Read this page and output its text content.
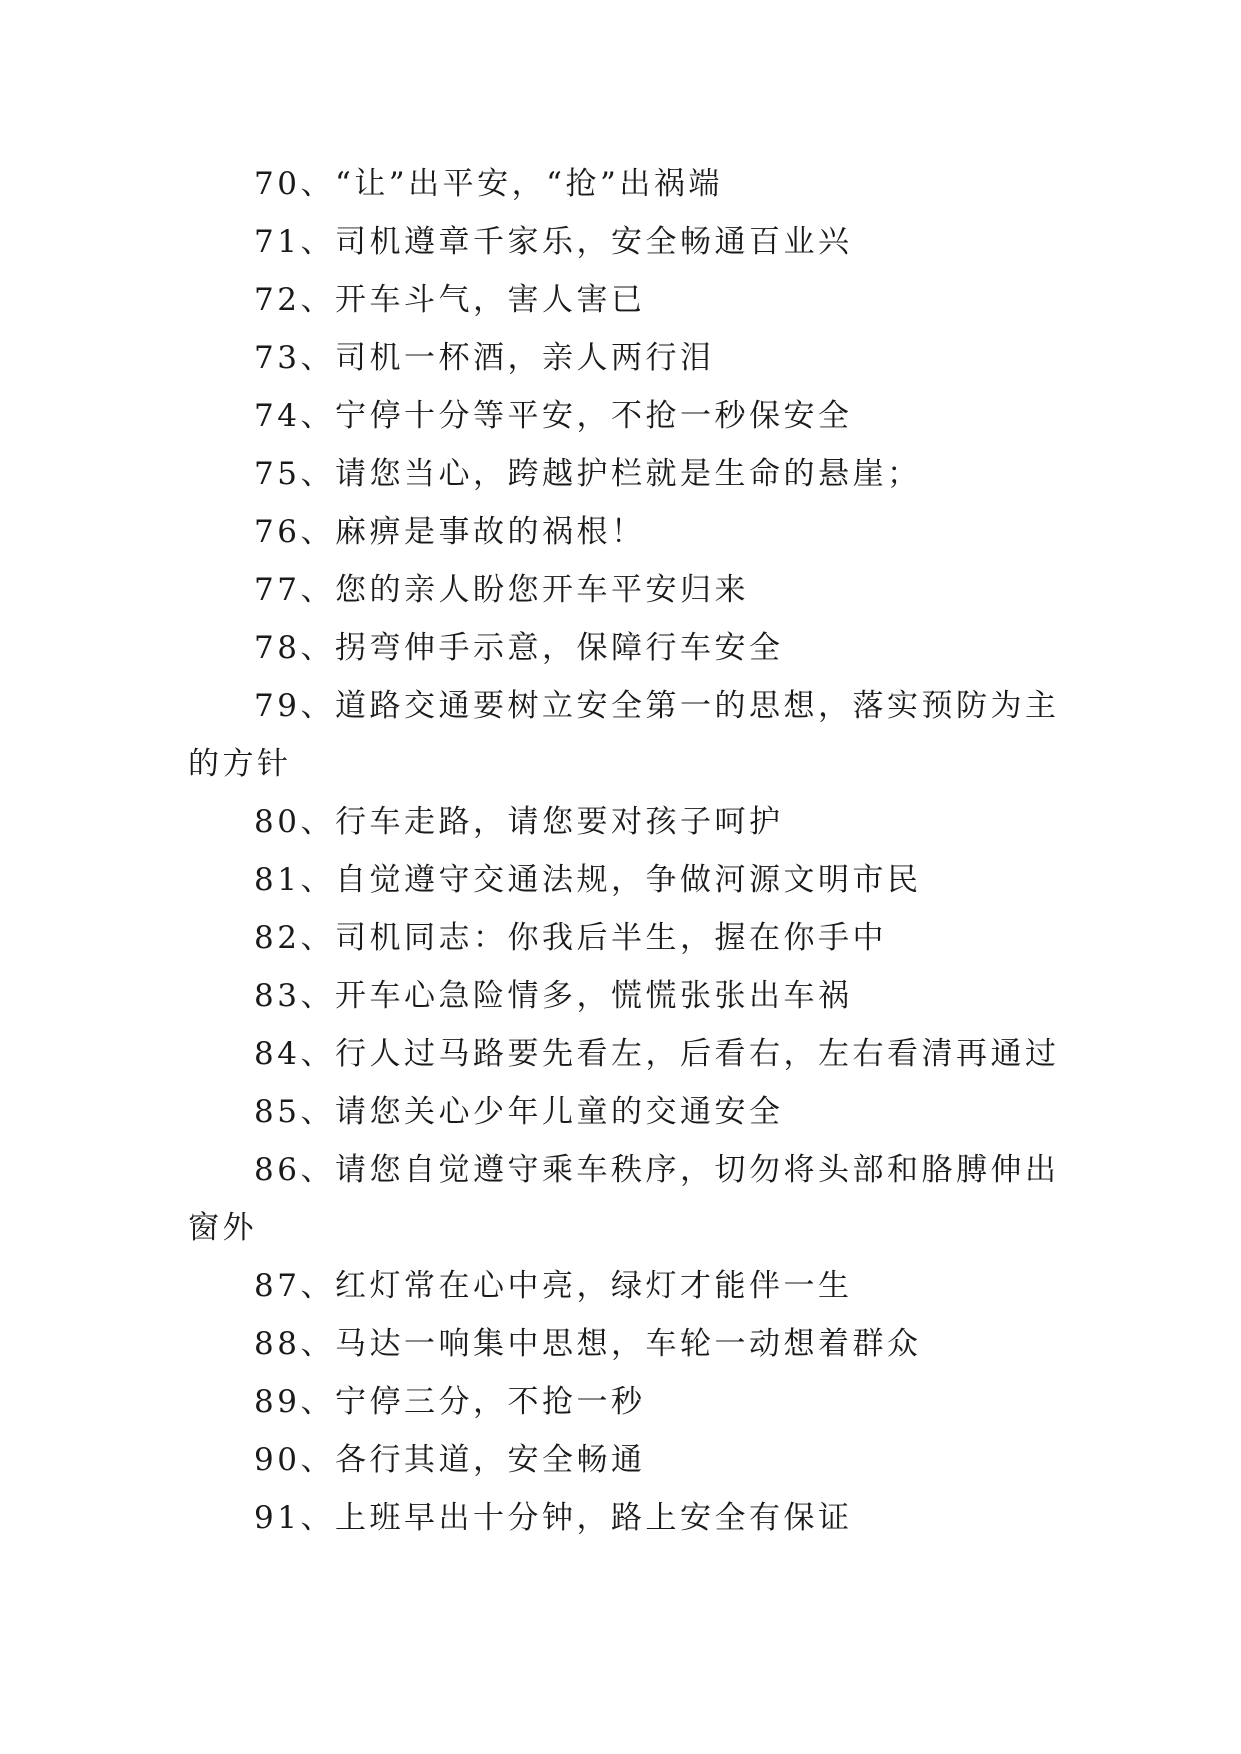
70、“让”出平安，“抢”出祸端

71、司机遵章千家乐，安全畅通百业兴

72、开车斗气，害人害已

73、司机一杯酒，亲人两行泪

74、宁停十分等平安，不抢一秒保安全

75、请您当心，跨越护栏就是生命的悬崖；

76、麻痹是事故的祸根！

77、您的亲人盼您开车平安归来

78、拐弯伸手示意，保障行车安全

79、道路交通要树立安全第一的思想，落实预防为主的方针

80、行车走路，请您要对孩子呵护

81、自觉遵守交通法规，争做河源文明市民

82、司机同志：你我后半生，握在你手中

83、开车心急险情多，慌慌张张出车祸

84、行人过马路要先看左，后看右，左右看清再通过

85、请您关心少年儿童的交通安全

86、请您自觉遵守乘车秩序，切勿将头部和胳膊伸出窗外

87、红灯常在心中亮，绿灯才能伴一生

88、马达一响集中思想，车轮一动想着群众

89、宁停三分，不抢一秒

90、各行其道，安全畅通

91、上班早出十分钟，路上安全有保证
